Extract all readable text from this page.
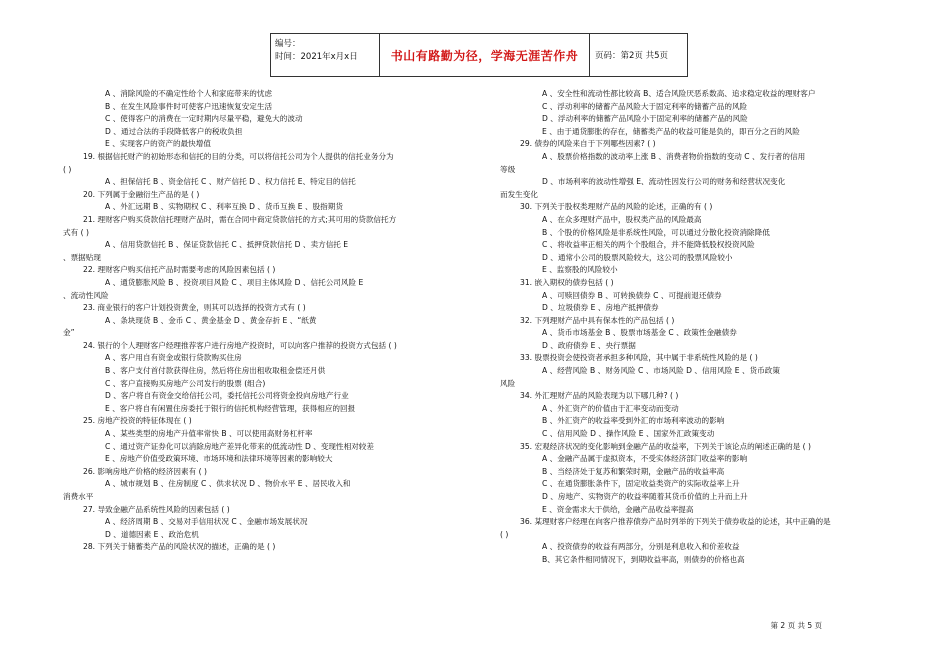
编号：
时间：2021年x月x日	书山有路勤为径，学海无涯苦作舟	页码：第2页 共5页
A 、消除风险的不确定性给个人和家庭带来的忧虑
B 、在发生风险事件时可使客户迅速恢复安定生活
C 、使得客户的消费在一定时期内尽量平稳，避免大的波动
D 、通过合法的手段降低客户的税收负担
E 、实现客户的资产的最快增值
19. 根据信托财产的初始形态和信托的目的分类，可以将信托公司为个人提供的信托业务分为
( )
A 、担保信托 B 、资金信托 C 、财产信托 D 、权力信托 E、特定目的信托
20. 下列属于金融衍生产品的是 ( )
A 、外汇远期 B 、实物期权 C 、利率互换 D 、货币互换 E 、股指期货
21. 理财客户购买贷款信托理财产品时，需在合同中商定贷款信托的方式;其可用的贷款信托方
式有 ( )
A 、信用贷款信托 B 、保证贷款信托 C 、抵押贷款信托 D 、卖方信托 E
、票据贴现
22. 理财客户购买信托产品时需要考虑的风险因素包括 ( )
A 、通货膨胀风险 B 、投资项目风险 C 、项目主体风险 D 、信托公司风险 E
、流动性风险
23. 商业银行的客户计划投资黄金，则其可以选择的投资方式有 ( )
A 、条块现货 B 、金币 C 、黄金基金 D 、黄金存折 E 、“纸黄
金”
24. 银行的个人理财客户经理推荐客户进行房地产投资时，可以向客户推荐的投资方式包括 ( )
A 、客户用自有资金或银行贷款购买住房
B 、客户支付首付款获得住房，然后将住房出租收取租金偿还月供
C 、客户直接购买房地产公司发行的股票 (组合)
D 、客户将自有资金交给信托公司，委托信托公司将资金投向房地产行业
E 、客户将自有闲置住房委托于银行的信托机构经营管理，获得相应的回报
25. 房地产投资的特征体现在 ( )
A 、某些类型的房地产升值率常快 B 、可以使用高财务杠杆率
C 、通过资产证券化可以消除房地产差异化带来的低流动性 D 、变现性相对较差
E 、房地产价值受政策环境、市场环境和法律环境等因素的影响较大
26. 影响房地产价格的经济因素有 ( )
A 、城市规划 B 、住房制度 C 、供求状况 D 、物价水平 E 、居民收入和
消费水平
27. 导致金融产品系统性风险的因素包括 ( )
A 、经济周期 B 、交易对手信用状况 C 、金融市场发展状况
D 、道德因素 E 、政治危机
28. 下列关于储蓄类产品的风险状况的描述，正确的是 ( )
A 、安全性和流动性都比较高 B、适合风险厌恶系数高、追求稳定收益的理财客户
C 、浮动利率的储蓄产品风险大于固定利率的储蓄产品的风险
D 、浮动利率的储蓄产品风险小于固定利率的储蓄产品的风险
E 、由于通货膨胀的存在，储蓄类产品的收益可能是负的，即百分之百的风险
29. 债券的风险来自于下列哪些因素? ( )
A 、股票价格指数的波动率上涨 B 、消费者物价指数的变动 C 、发行者的信用
等级
D 、市场利率的波动性增强 E、流动性因发行公司的财务和经营状况变化
而发生变化
30. 下列关于股权类理财产品的风险的论述，正确的有 ( )
A 、在众多理财产品中，股权类产品的风险最高
B 、个股的价格风险是非系统性风险，可以通过分散化投资消除降低
C 、将收益率正相关的两个个股组合，并不能降低股权投资风险
D 、通常小公司的股票风险较大，这公司的股票风险较小
E 、监察股的风险较小
31. 嵌入期权的债券包括 ( )
A 、可赎回债券 B 、可转换债券 C 、可提前退还债券
D 、垃圾债券 E 、房地产抵押债券
32. 下列理财产品中具有保本性的产品包括 ( )
A 、货币市场基金 B 、股票市场基金 C 、政策性金融债券
D 、政府债券 E 、央行票据
33. 股票投资会使投资者承担多种风险，其中属于非系统性风险的是 ( )
A 、经营风险 B 、财务风险 C 、市场风险 D 、信用风险 E 、货币政策
风险
34. 外汇理财产品的风险表现为以下哪几种? ( )
A 、外汇资产的价值由于汇率变动而变动
B 、外汇资产的收益率受到外汇的市场利率波动的影响
C 、信用风险 D 、操作风险 E 、国家外汇政策变动
35. 宏观经济状况的变化影响到金融产品的收益率，下列关于该论点的阐述正确的是 ( )
A 、金融产品属于虚拟资本，不受实体经济部门收益率的影响
B 、当经济处于复苏和繁荣时期，金融产品的收益率高
C 、在通货膨胀条件下，固定收益类资产的实际收益率上升
D 、房地产、实物资产的收益率随着其货币价值的上升而上升
E 、资金需求大于供给，金融产品收益率提高
36. 某理财客户经理在向客户推荐债券产品时列举的下列关于债券收益的论述，其中正确的是
( )
A 、投资债券的收益有两部分，分别是利息收入和价差收益
B、其它条件相同情况下，到期收益率高，则债券的价格也高
第 2 页 共 5 页
